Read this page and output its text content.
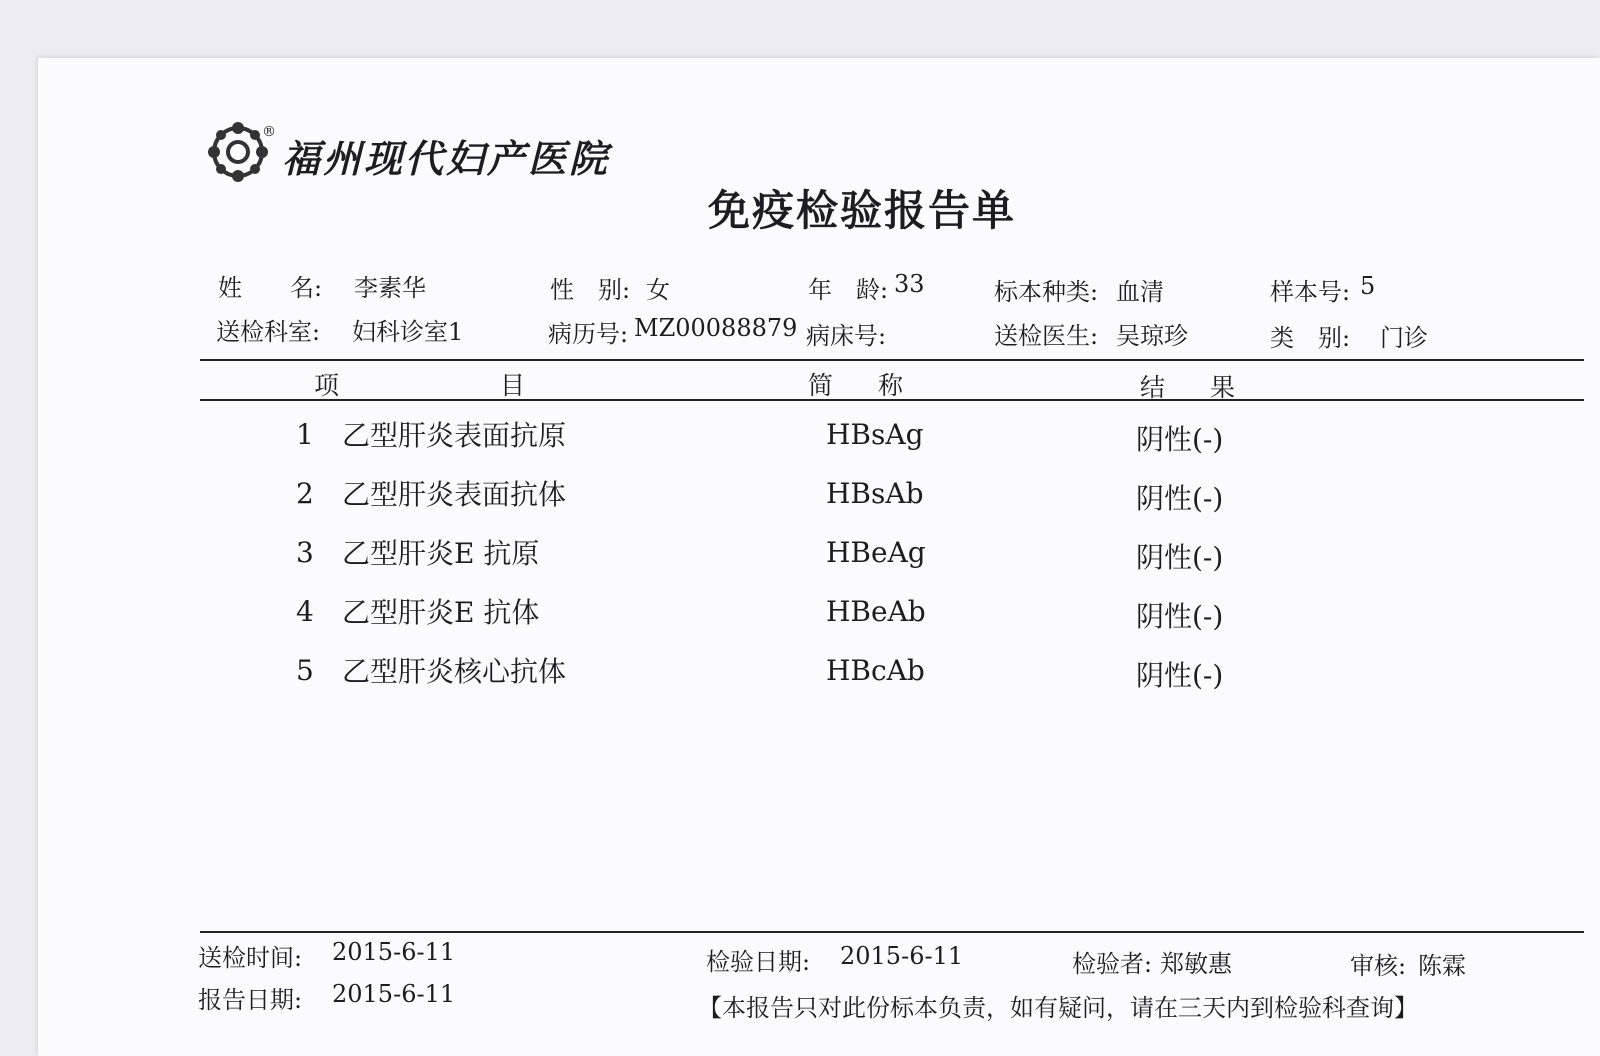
®
福州现代妇产医院
免疫检验报告单
姓　　名: 李素华	性　别: 女	年　龄: 33	标本种类: 血清	样本号: 5
送检科室: 妇科诊室1	病历号: MZ00088879 病床号:	送检医生: 吴琼珍	类　别: 门诊
项	目	简 称	结 果
1 乙型肝炎表面抗原	HBsAg	阴性(-)
2 乙型肝炎表面抗体	HBsAb	阴性(-)
3 乙型肝炎E 抗原	HBeAg	阴性(-)
4 乙型肝炎E 抗体	HBeAb	阴性(-)
5 乙型肝炎核心抗体	HBcAb	阴性(-)
送检时间: 2015-6-11	检验日期: 2015-6-11	检验者: 郑敏惠	审核: 陈霖
报告日期: 2015-6-11	【本报告只对此份标本负责，如有疑问，请在三天内到检验科查询】
